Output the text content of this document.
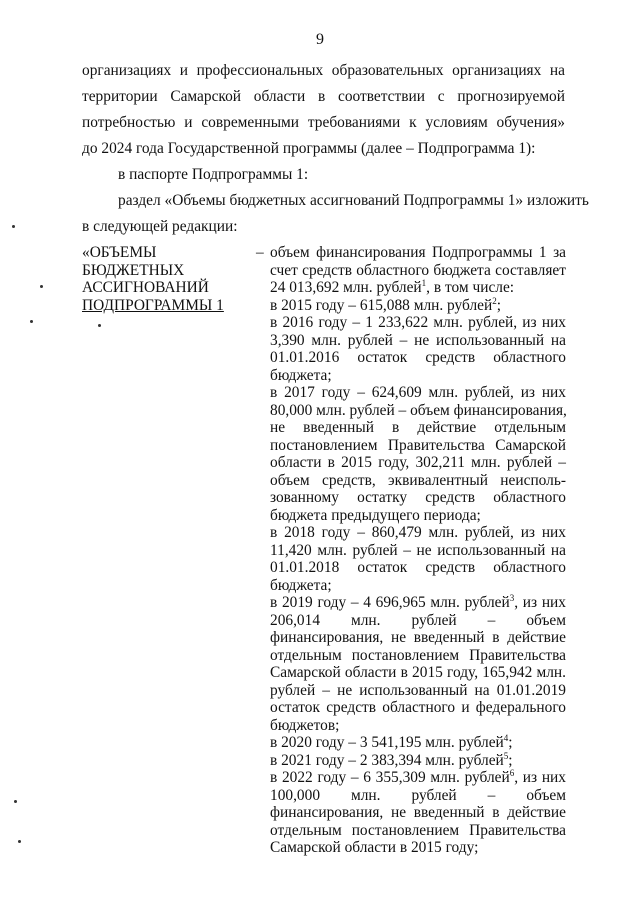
9
организациях и профессиональных образовательных организациях на
территории Самарской области в соответствии с прогнозируемой
потребностью и современными требованиями к условиям обучения»
до 2024 года Государственной программы (далее – Подпрограмма 1):
в паспорте Подпрограммы 1:
раздел «Объемы бюджетных ассигнований Подпрограммы 1» изложить
в следующей редакции:
«ОБЪЕМЫ
БЮДЖЕТНЫХ
АССИГНОВАНИЙ
ПОДПРОГРАММЫ 1
– объем финансирования Подпрограммы 1 за
счет средств областного бюджета составляет
24 013,692 млн. рублей$^1$, в том числе:
в 2015 году – 615,088 млн. рублей$^2$;
в 2016 году – 1 233,622 млн. рублей, из них
3,390 млн. рублей – не использованный на
01.01.2016 остаток средств областного
бюджета;
в 2017 году – 624,609 млн. рублей, из них
80,000 млн. рублей – объем финансирования,
не введенный в действие отдельным
постановлением Правительства Самарской
области в 2015 году, 302,211 млн. рублей –
объем средств, эквивалентный неисполь-
зованному остатку средств областного
бюджета предыдущего периода;
в 2018 году – 860,479 млн. рублей, из них
11,420 млн. рублей – не использованный на
01.01.2018 остаток средств областного
бюджета;
в 2019 году – 4 696,965 млн. рублей$^3$, из них
206,014 млн. рублей – объем
финансирования, не введенный в действие
отдельным постановлением Правительства
Самарской области в 2015 году, 165,942 млн.
рублей – не использованный на 01.01.2019
остаток средств областного и федерального
бюджетов;
в 2020 году – 3 541,195 млн. рублей$^4$;
в 2021 году – 2 383,394 млн. рублей$^5$;
в 2022 году – 6 355,309 млн. рублей$^6$, из них
100,000 млн. рублей – объем
финансирования, не введенный в действие
отдельным постановлением Правительства
Самарской области в 2015 году;
